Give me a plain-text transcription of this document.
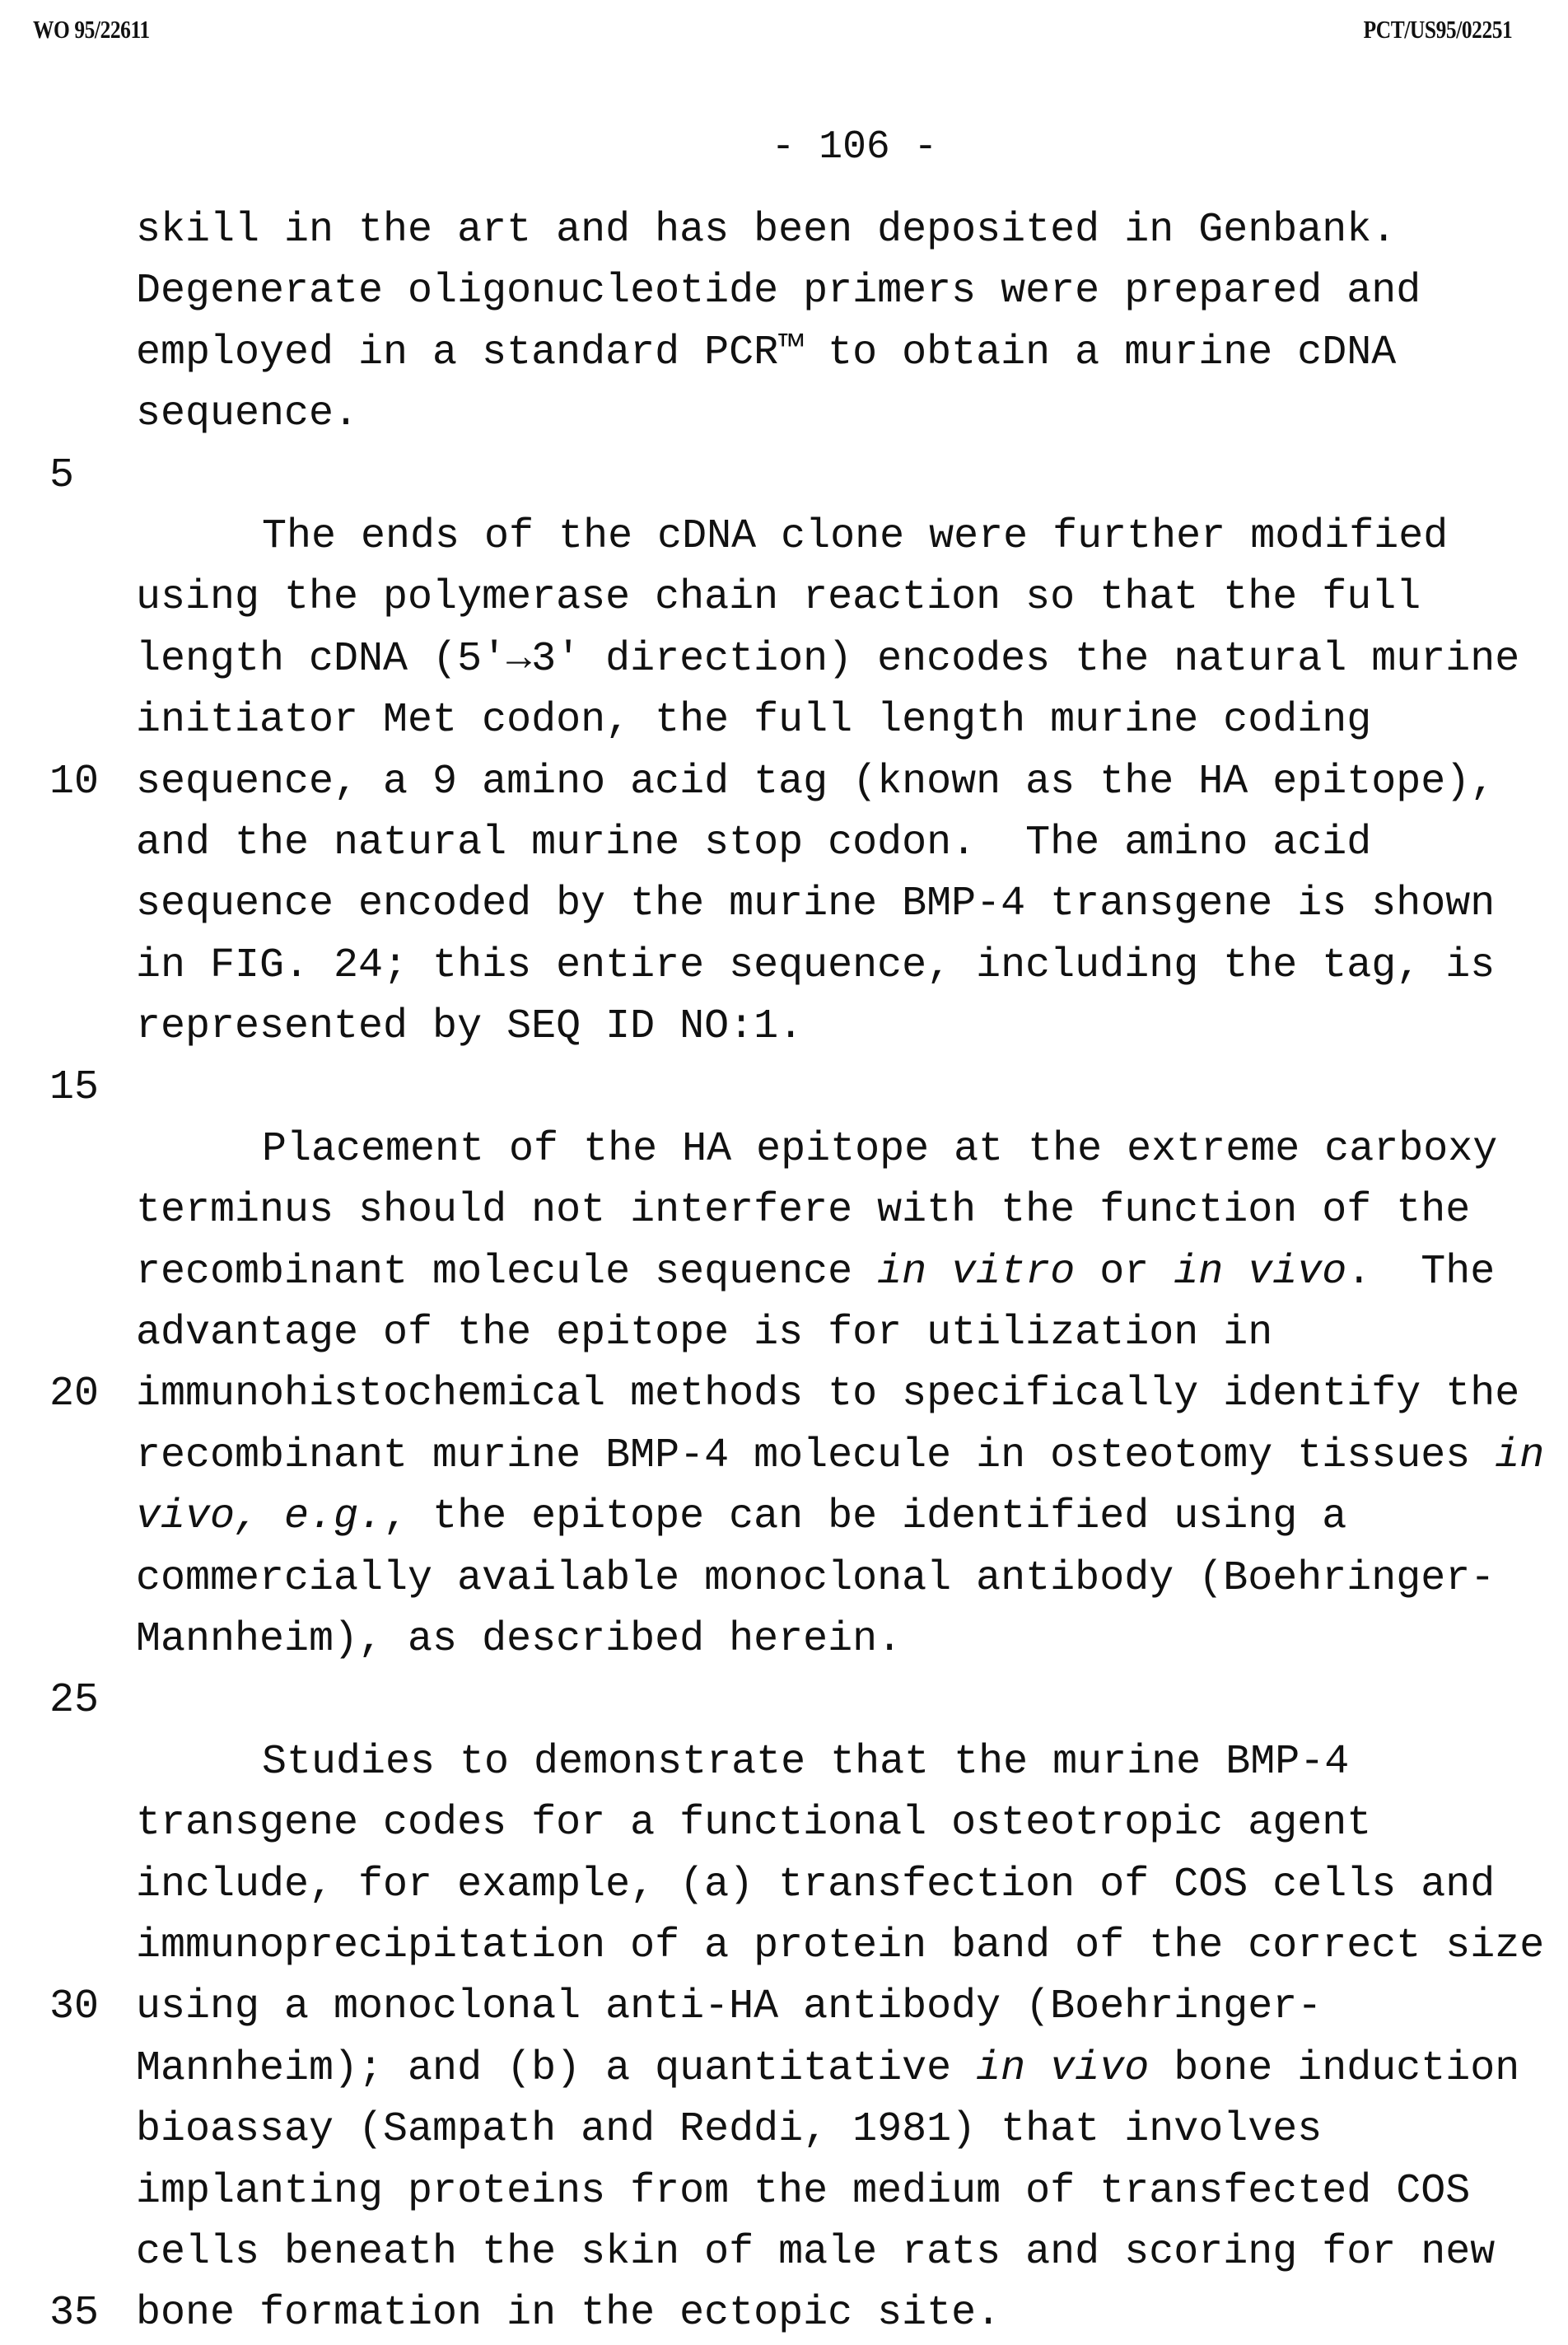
WO 95/22611	PCT/US95/02251
- 106 -
skill in the art and has been deposited in Genbank.
Degenerate oligonucleotide primers were prepared and
employed in a standard PCR™ to obtain a murine cDNA
sequence.
5
The ends of the cDNA clone were further modified
using the polymerase chain reaction so that the full
length cDNA (5'→3' direction) encodes the natural murine
initiator Met codon, the full length murine coding
10 sequence, a 9 amino acid tag (known as the HA epitope),
and the natural murine stop codon.  The amino acid
sequence encoded by the murine BMP-4 transgene is shown
in FIG. 24; this entire sequence, including the tag, is
represented by SEQ ID NO:1.
15
Placement of the HA epitope at the extreme carboxy
terminus should not interfere with the function of the
recombinant molecule sequence in vitro or in vivo.  The
advantage of the epitope is for utilization in
20 immunohistochemical methods to specifically identify the
recombinant murine BMP-4 molecule in osteotomy tissues in
vivo, e.g., the epitope can be identified using a
commercially available monoclonal antibody (Boehringer-
Mannheim), as described herein.
25
Studies to demonstrate that the murine BMP-4
transgene codes for a functional osteotropic agent
include, for example, (a) transfection of COS cells and
immunoprecipitation of a protein band of the correct size
30 using a monoclonal anti-HA antibody (Boehringer-
Mannheim); and (b) a quantitative in vivo bone induction
bioassay (Sampath and Reddi, 1981) that involves
implanting proteins from the medium of transfected COS
cells beneath the skin of male rats and scoring for new
35 bone formation in the ectopic site.
